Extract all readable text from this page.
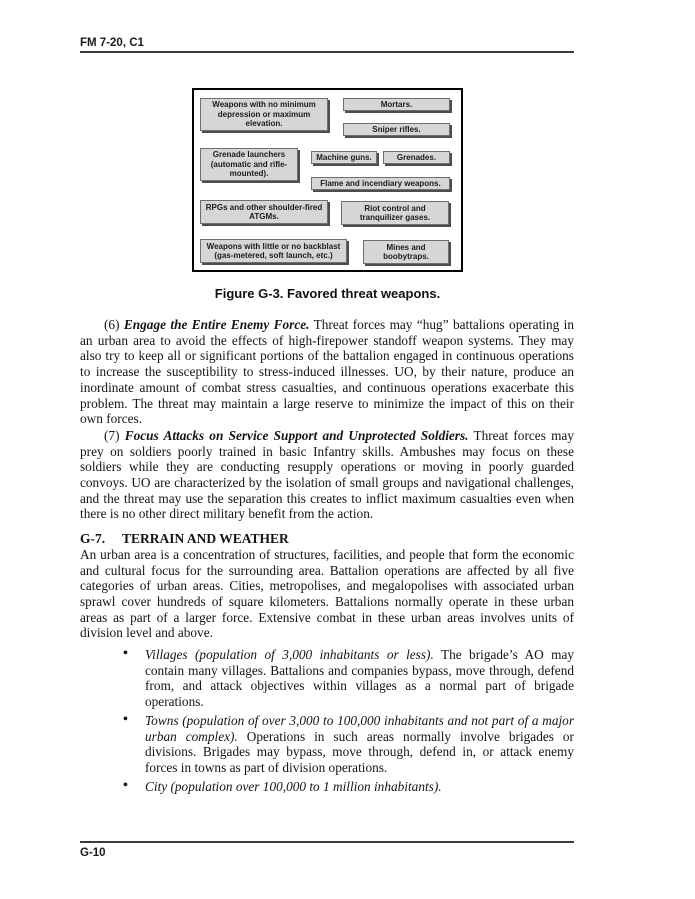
FM 7-20, C1
Weapons with no minimum depression or maximum elevation.
Mortars.
Sniper rifles.
Grenade launchers (automatic and rifle-mounted).
Machine guns.	Grenades.
Flame and incendiary weapons.
RPGs and other shoulder-fired ATGMs.
Riot control and tranquilizer gases.
Weapons with little or no backblast (gas-metered, soft launch, etc.)
Mines and boobytraps.
Figure G-3. Favored threat weapons.

(6) Engage the Entire Enemy Force. Threat forces may “hug” battalions operating in an urban area to avoid the effects of high-firepower standoff weapon systems. They may also try to keep all or significant portions of the battalion engaged in continuous operations to increase the susceptibility to stress-induced illnesses. UO, by their nature, produce an inordinate amount of combat stress casualties, and continuous operations exacerbate this problem. The threat may maintain a large reserve to minimize the impact of this on their own forces.

(7) Focus Attacks on Service Support and Unprotected Soldiers. Threat forces may prey on soldiers poorly trained in basic Infantry skills. Ambushes may focus on these soldiers while they are conducting resupply operations or moving in poorly guarded convoys. UO are characterized by the isolation of small groups and navigational challenges, and the threat may use the separation this creates to inflict maximum casualties even when there is no other direct military benefit from the action.

G-7. TERRAIN AND WEATHER

An urban area is a concentration of structures, facilities, and people that form the economic and cultural focus for the surrounding area. Battalion operations are affected by all five categories of urban areas. Cities, metropolises, and megalopolises with associated urban sprawl cover hundreds of square kilometers. Battalions normally operate in these urban areas as part of a larger force. Extensive combat in these urban areas involves units of division level and above.

• Villages (population of 3,000 inhabitants or less). The brigade’s AO may contain many villages. Battalions and companies bypass, move through, defend from, and attack objectives within villages as a normal part of brigade operations.
• Towns (population of over 3,000 to 100,000 inhabitants and not part of a major urban complex). Operations in such areas normally involve brigades or divisions. Brigades may bypass, move through, defend in, or attack enemy forces in towns as part of division operations.
• City (population over 100,000 to 1 million inhabitants).
G-10
